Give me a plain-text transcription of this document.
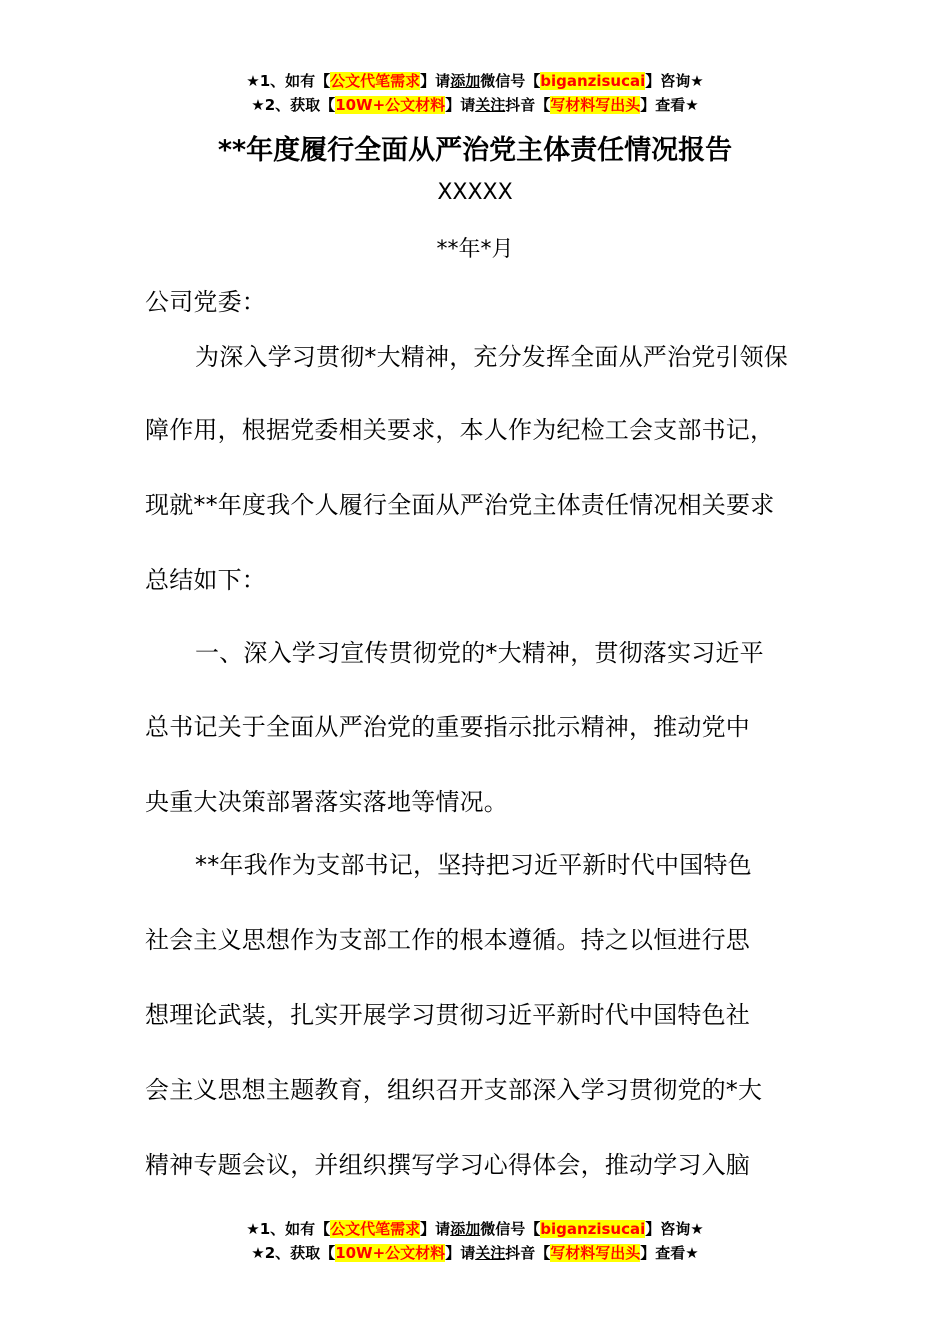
★1、如有【公文代笔需求】请添加微信号【biganzisucai】咨询★
★2、获取【10W+公文材料】请关注抖音【写材料写出头】查看★
**年度履行全面从严治党主体责任情况报告
XXXXX
**年*月
公司党委：
为深入学习贯彻*大精神，充分发挥全面从严治党引领保
障作用，根据党委相关要求，本人作为纪检工会支部书记，
现就**年度我个人履行全面从严治党主体责任情况相关要求
总结如下：
一、深入学习宣传贯彻党的*大精神，贯彻落实习近平
总书记关于全面从严治党的重要指示批示精神，推动党中
央重大决策部署落实落地等情况。
**年我作为支部书记，坚持把习近平新时代中国特色
社会主义思想作为支部工作的根本遵循。持之以恒进行思
想理论武装，扎实开展学习贯彻习近平新时代中国特色社
会主义思想主题教育，组织召开支部深入学习贯彻党的*大
精神专题会议，并组织撰写学习心得体会，推动学习入脑
★1、如有【公文代笔需求】请添加微信号【biganzisucai】咨询★
★2、获取【10W+公文材料】请关注抖音【写材料写出头】查看★
